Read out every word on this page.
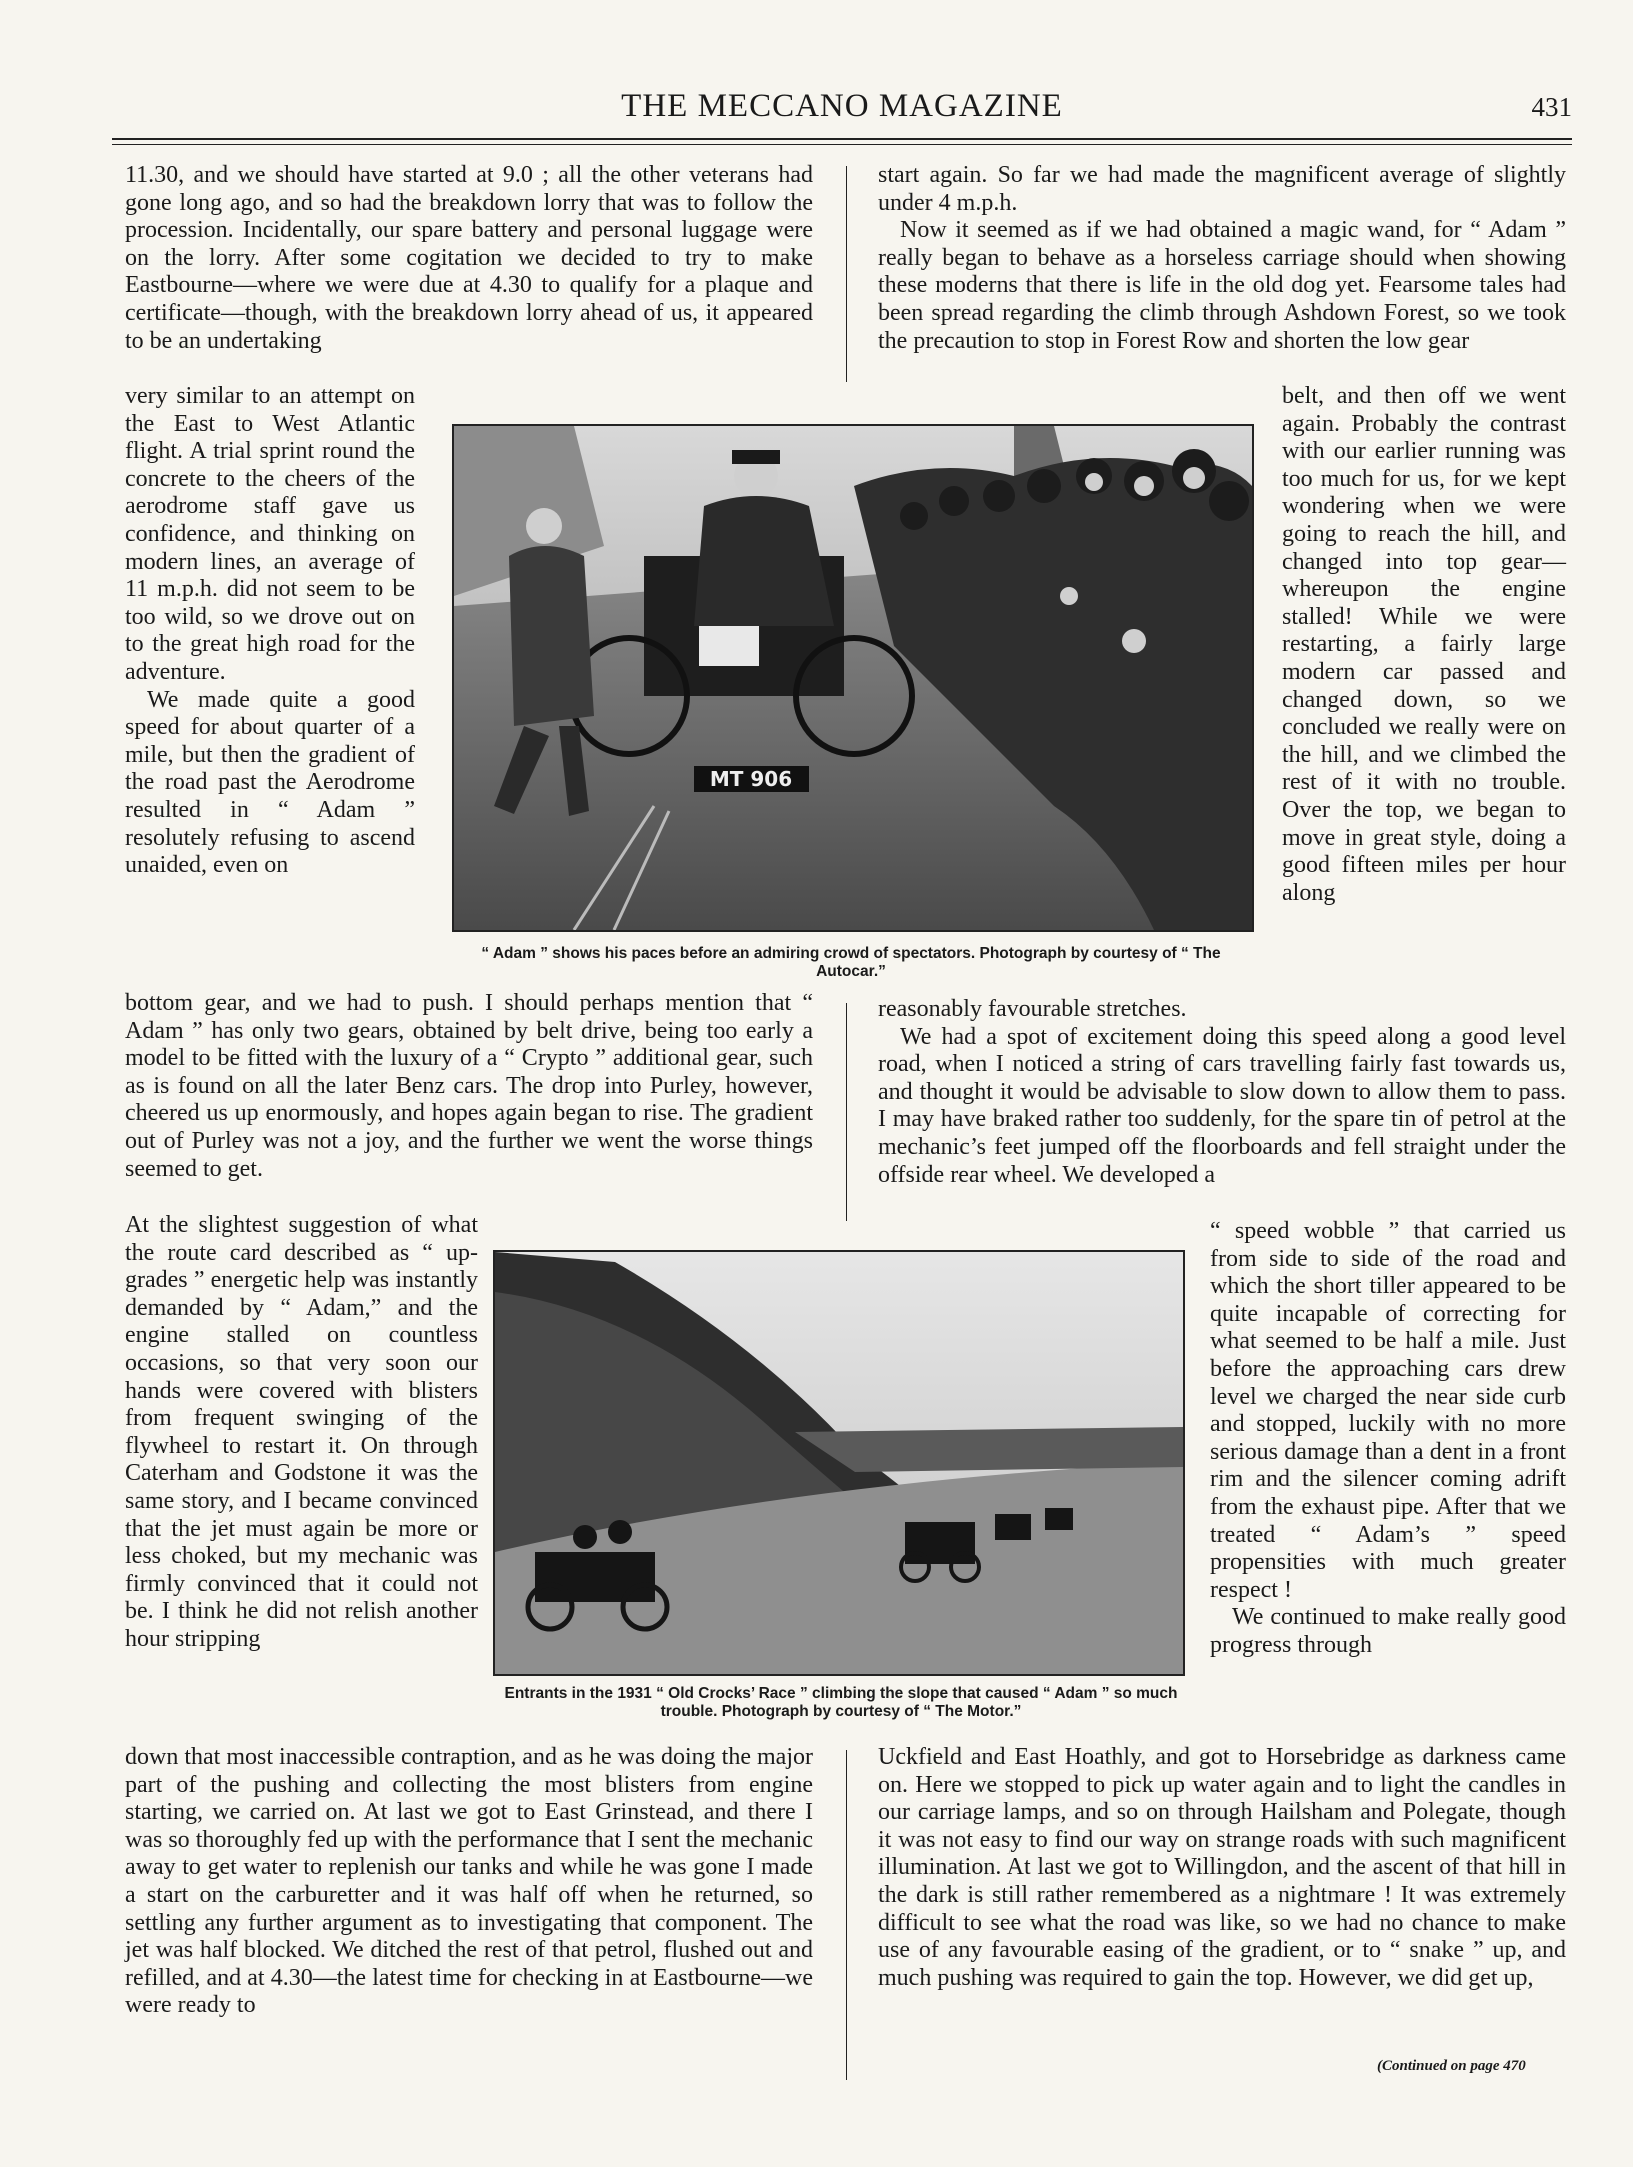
THE MECCANO MAGAZINE	431

11.30, and we should have started at 9.0 ; all the other veterans had gone long ago, and so had the breakdown lorry that was to follow the procession. Incidentally, our spare battery and personal luggage were on the lorry. After some cogitation we decided to try to make Eastbourne—where we were due at 4.30 to qualify for a plaque and certificate—though, with the breakdown lorry ahead of us, it appeared to be an undertaking

very similar to an attempt on the East to West Atlantic flight. A trial sprint round the concrete to the cheers of the aerodrome staff gave us confidence, and thinking on modern lines, an average of 11 m.p.h. did not seem to be too wild, so we drove out on to the great high road for the adventure.

We made quite a good speed for about quarter of a mile, but then the gradient of the road past the Aerodrome resulted in “ Adam ” resolutely refusing to ascend unaided, even on

bottom gear, and we had to push. I should perhaps mention that “ Adam ” has only two gears, obtained by belt drive, being too early a model to be fitted with the luxury of a “ Crypto ” additional gear, such as is found on all the later Benz cars. The drop into Purley, however, cheered us up enormously, and hopes again began to rise. The gradient out of Purley was not a joy, and the further we went the worse things seemed to get.

At the slightest suggestion of what the route card described as “ up-grades ” energetic help was instantly demanded by “ Adam,” and the engine stalled on countless occasions, so that very soon our hands were covered with blisters from frequent swinging of the flywheel to restart it. On through Caterham and Godstone it was the same story, and I became convinced that the jet must again be more or less choked, but my mechanic was firmly convinced that it could not be. I think he did not relish another hour stripping

down that most inaccessible contraption, and as he was doing the major part of the pushing and collecting the most blisters from engine starting, we carried on. At last we got to East Grinstead, and there I was so thoroughly fed up with the performance that I sent the mechanic away to get water to replenish our tanks and while he was gone I made a start on the carburetter and it was half off when he returned, so settling any further argument as to investigating that component. The jet was half blocked. We ditched the rest of that petrol, flushed out and refilled, and at 4.30—the latest time for checking in at Eastbourne—we were ready to

start again. So far we had made the magnificent average of slightly under 4 m.p.h.

Now it seemed as if we had obtained a magic wand, for “ Adam ” really began to behave as a horseless carriage should when showing these moderns that there is life in the old dog yet. Fearsome tales had been spread regarding the climb through Ashdown Forest, so we took the precaution to stop in Forest Row and shorten the low gear

belt, and then off we went again. Probably the contrast with our earlier running was too much for us, for we kept wondering when we were going to reach the hill, and changed into top gear—whereupon the engine stalled! While we were restarting, a fairly large modern car passed and changed down, so we concluded we really were on the hill, and we climbed the rest of it with no trouble. Over the top, we began to move in great style, doing a good fifteen miles per hour along

reasonably favourable stretches.

We had a spot of excitement doing this speed along a good level road, when I noticed a string of cars travelling fairly fast towards us, and thought it would be advisable to slow down to allow them to pass. I may have braked rather too suddenly, for the spare tin of petrol at the mechanic’s feet jumped off the floorboards and fell straight under the offside rear wheel. We developed a

“ speed wobble ” that carried us from side to side of the road and which the short tiller appeared to be quite incapable of correcting for what seemed to be half a mile. Just before the approaching cars drew level we charged the near side curb and stopped, luckily with no more serious damage than a dent in a front rim and the silencer coming adrift from the exhaust pipe. After that we treated “ Adam’s ” speed propensities with much greater respect !

We continued to make really good progress through

Uckfield and East Hoathly, and got to Horsebridge as darkness came on. Here we stopped to pick up water again and to light the candles in our carriage lamps, and so on through Hailsham and Polegate, though it was not easy to find our way on strange roads with such magnificent illumination. At last we got to Willingdon, and the ascent of that hill in the dark is still rather remembered as a nightmare ! It was extremely difficult to see what the road was like, so we had no chance to make use of any favourable easing of the gradient, or to “ snake ” up, and much pushing was required to gain the top. However, we did get up,

(Continued on page 470
MT 906
“ Adam ” shows his paces before an admiring crowd of spectators. Photograph by courtesy of “ The Autocar.”
Entrants in the 1931 “ Old Crocks’ Race ” climbing the slope that caused “ Adam ” so much trouble. Photograph by courtesy of “ The Motor.”
